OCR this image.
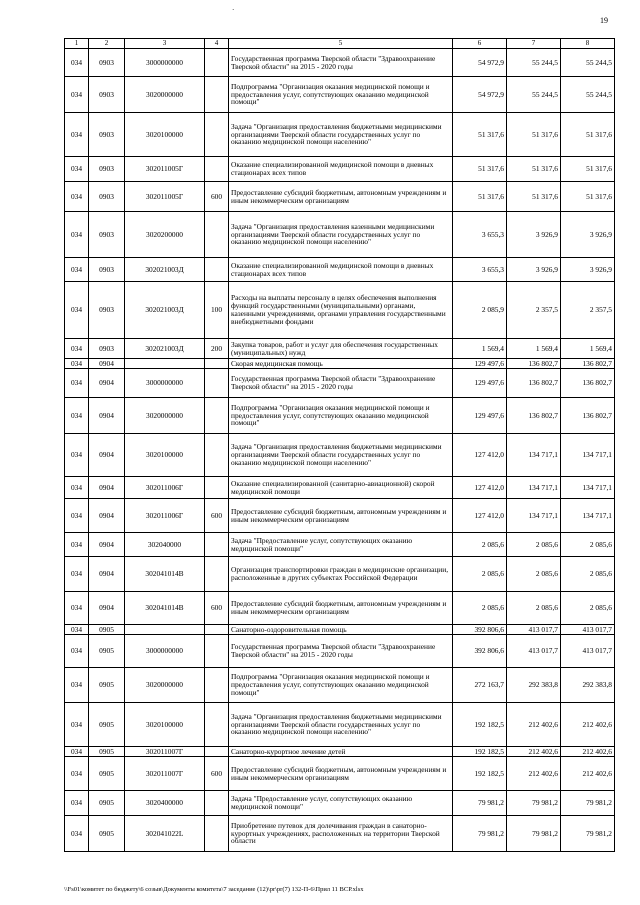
·
19
1	2	3	4	5	6	7	8
034	0903	3000000000		Государственная программа Тверской области "Здравоохранение Тверской области" на 2015 - 2020 годы	54 972,9	55 244,5	55 244,5
034	0903	3020000000		Подпрограмма "Организация оказания медицинской помощи и предоставления услуг, сопутствующих оказанию медицинской помощи"	54 972,9	55 244,5	55 244,5
034	0903	3020100000		Задача "Организация предоставления бюджетными медицинскими организациями Тверской области государственных услуг по оказанию медицинской помощи населению"	51 317,6	51 317,6	51 317,6
034	0903	302011005Г		Оказание специализированной медицинской помощи в дневных стационарах всех типов	51 317,6	51 317,6	51 317,6
034	0903	302011005Г	600	Предоставление субсидий бюджетным, автономным учреждениям и иным некоммерческим организациям	51 317,6	51 317,6	51 317,6
034	0903	3020200000		Задача "Организация предоставления казенными медицинскими организациями Тверской области государственных услуг по оказанию медицинской помощи населению"	3 655,3	3 926,9	3 926,9
034	0903	302021003Д		Оказание специализированной медицинской помощи в дневных стационарах всех типов	3 655,3	3 926,9	3 926,9
034	0903	302021003Д	100	Расходы на выплаты персоналу в целях обеспечения выполнения функций государственными (муниципальными) органами, казенными учреждениями, органами управления государственными внебюджетными фондами	2 085,9	2 357,5	2 357,5
034	0903	302021003Д	200	Закупка товаров, работ и услуг для обеспечения государственных (муниципальных) нужд	1 569,4	1 569,4	1 569,4
034	0904			Скорая медицинская помощь	129 497,6	136 802,7	136 802,7
034	0904	3000000000		Государственная программа Тверской области "Здравоохранение Тверской области" на 2015 - 2020 годы	129 497,6	136 802,7	136 802,7
034	0904	3020000000		Подпрограмма "Организация оказания медицинской помощи и предоставления услуг, сопутствующих оказанию медицинской помощи"	129 497,6	136 802,7	136 802,7
034	0904	3020100000		Задача "Организация предоставления бюджетными медицинскими организациями Тверской области государственных услуг по оказанию медицинской помощи населению"	127 412,0	134 717,1	134 717,1
034	0904	302011006Г		Оказание специализированной (санитарно-авиационной) скорой медицинской помощи	127 412,0	134 717,1	134 717,1
034	0904	302011006Г	600	Предоставление субсидий бюджетным, автономным учреждениям и иным некоммерческим организациям	127 412,0	134 717,1	134 717,1
034	0904	302040000		Задача "Предоставление услуг, сопутствующих оказанию медицинской помощи"	2 085,6	2 085,6	2 085,6
034	0904	302041014В		Организация транспортировки граждан в медицинские организации, расположенные в других субъектах Российской Федерации	2 085,6	2 085,6	2 085,6
034	0904	302041014В	600	Предоставление субсидий бюджетным, автономным учреждениям и иным некоммерческим организациям	2 085,6	2 085,6	2 085,6
034	0905			Санаторно-оздоровительная помощь	392 806,6	413 017,7	413 017,7
034	0905	3000000000		Государственная программа Тверской области "Здравоохранение Тверской области" на 2015 - 2020 годы	392 806,6	413 017,7	413 017,7
034	0905	3020000000		Подпрограмма "Организация оказания медицинской помощи и предоставления услуг, сопутствующих оказанию медицинской помощи"	272 163,7	292 383,8	292 383,8
034	0905	3020100000		Задача "Организация предоставления бюджетными медицинскими организациями Тверской области государственных услуг по оказанию медицинской помощи населению"	192 182,5	212 402,6	212 402,6
034	0905	302011007Г		Санаторно-курортное лечение детей	192 182,5	212 402,6	212 402,6
034	0905	302011007Г	600	Предоставление субсидий бюджетным, автономным учреждениям и иным некоммерческим организациям	192 182,5	212 402,6	212 402,6
034	0905	3020400000		Задача "Предоставление услуг, сопутствующих оказанию медицинской помощи"	79 981,2	79 981,2	79 981,2
034	0905	302041022L		Приобретение путевок для долечивания граждан в санаторно-курортных учреждениях, расположенных на территории Тверской области	79 981,2	79 981,2	79 981,2
\\Fs01\комитет по бюджету\6 созыв\Документы комитета\7 заседание (12)\pr\pr(7) 132-П-6\Прил 11 ВСР.xlsx
